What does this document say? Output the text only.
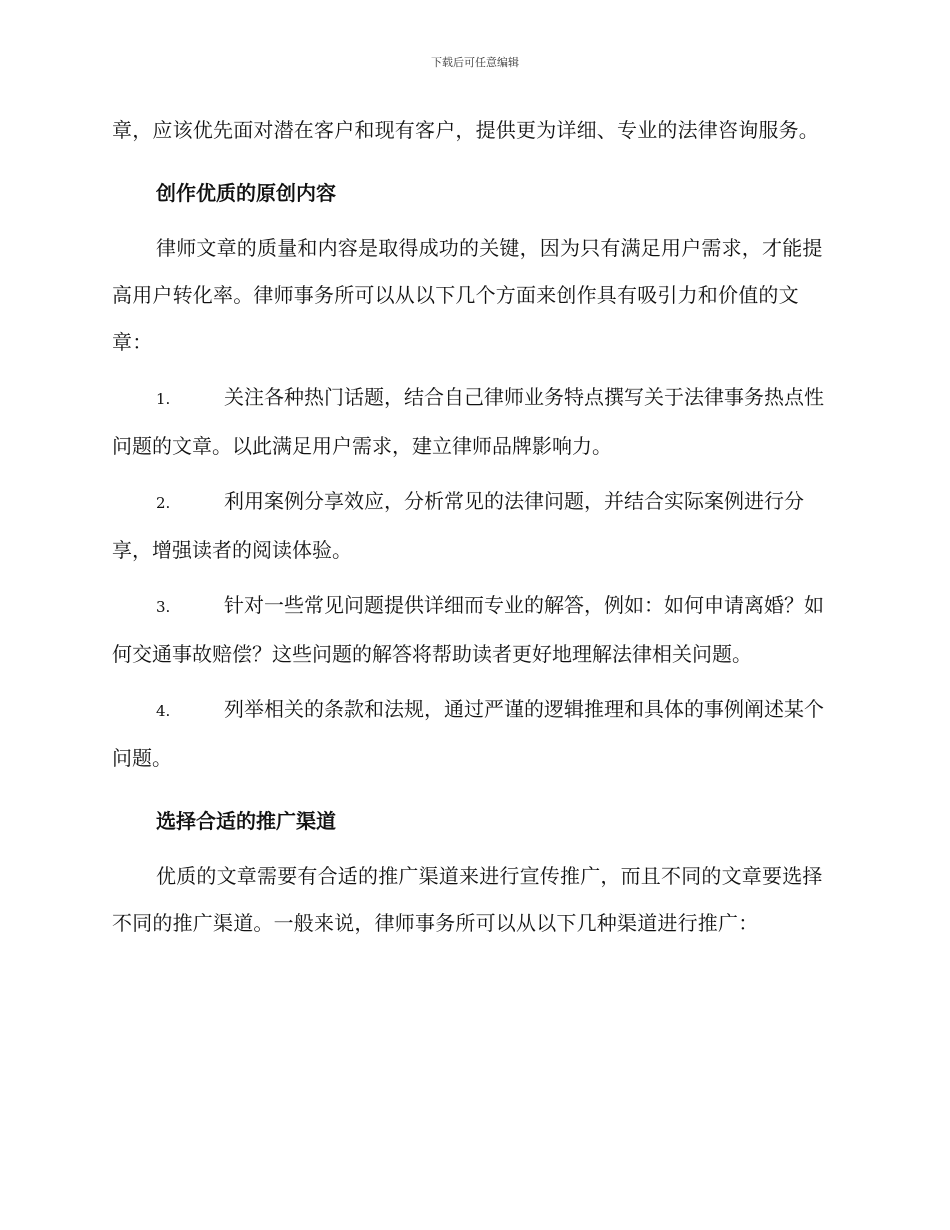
下载后可任意编辑

章，应该优先面对潜在客户和现有客户，提供更为详细、专业的法律咨询服务。

创作优质的原创内容

律师文章的质量和内容是取得成功的关键，因为只有满足用户需求，才能提高用户转化率。律师事务所可以从以下几个方面来创作具有吸引力和价值的文章：

1.	关注各种热门话题，结合自己律师业务特点撰写关于法律事务热点性问题的文章。以此满足用户需求，建立律师品牌影响力。

2.	利用案例分享效应，分析常见的法律问题，并结合实际案例进行分享，增强读者的阅读体验。

3.	针对一些常见问题提供详细而专业的解答，例如：如何申请离婚？如何交通事故赔偿？这些问题的解答将帮助读者更好地理解法律相关问题。

4.	列举相关的条款和法规，通过严谨的逻辑推理和具体的事例阐述某个问题。

选择合适的推广渠道

优质的文章需要有合适的推广渠道来进行宣传推广，而且不同的文章要选择不同的推广渠道。一般来说，律师事务所可以从以下几种渠道进行推广：
